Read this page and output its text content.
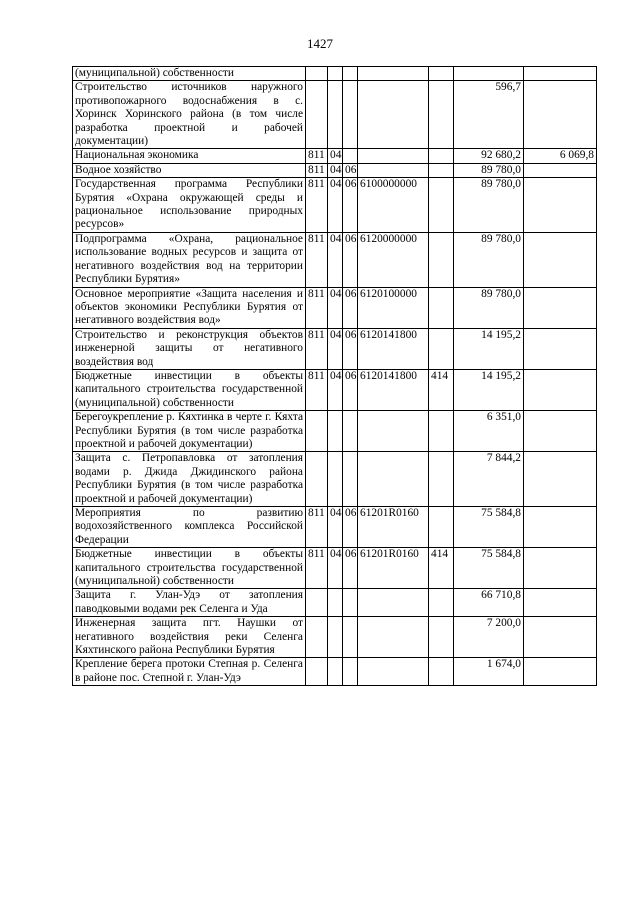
1427
(муниципальной) собственности							
Строительство источников наружного противопожарного водоснабжения в с. Хоринск Хоринского района (в том числе разработка проектной и рабочей документации)						596,7	
Национальная экономика	811	04				92 680,2	6 069,8
Водное хозяйство	811	04	06			89 780,0	
Государственная программа Республики Бурятия «Охрана окружающей среды и рациональное использование природных ресурсов»	811	04	06	6100000000		89 780,0	
Подпрограмма «Охрана, рациональное использование водных ресурсов и защита от негативного воздействия вод на территории Республики Бурятия»	811	04	06	6120000000		89 780,0	
Основное мероприятие «Защита населения и объектов экономики Республики Бурятия от негативного воздействия вод»	811	04	06	6120100000		89 780,0	
Строительство и реконструкция объектов инженерной защиты от негативного воздействия вод	811	04	06	6120141800		14 195,2	
Бюджетные инвестиции в объекты капитального строительства государственной (муниципальной) собственности	811	04	06	6120141800	414	14 195,2	
Берегоукрепление р. Кяхтинка в черте г. Кяхта Республики Бурятия (в том числе разработка проектной и рабочей документации)						6 351,0	
Защита с. Петропавловка от затопления водами р. Джида Джидинского района Республики Бурятия (в том числе разработка проектной и рабочей документации)						7 844,2	
Мероприятия по развитию водохозяйственного комплекса Российской Федерации	811	04	06	61201R0160		75 584,8	
Бюджетные инвестиции в объекты капитального строительства государственной (муниципальной) собственности	811	04	06	61201R0160	414	75 584,8	
Защита г. Улан-Удэ от затопления паводковыми водами рек Селенга и Уда						66 710,8	
Инженерная защита пгт. Наушки от негативного воздействия реки Селенга Кяхтинского района Республики Бурятия						7 200,0	
Крепление берега протоки Степная р. Селенга в районе пос. Степной г. Улан-Удэ						1 674,0	
